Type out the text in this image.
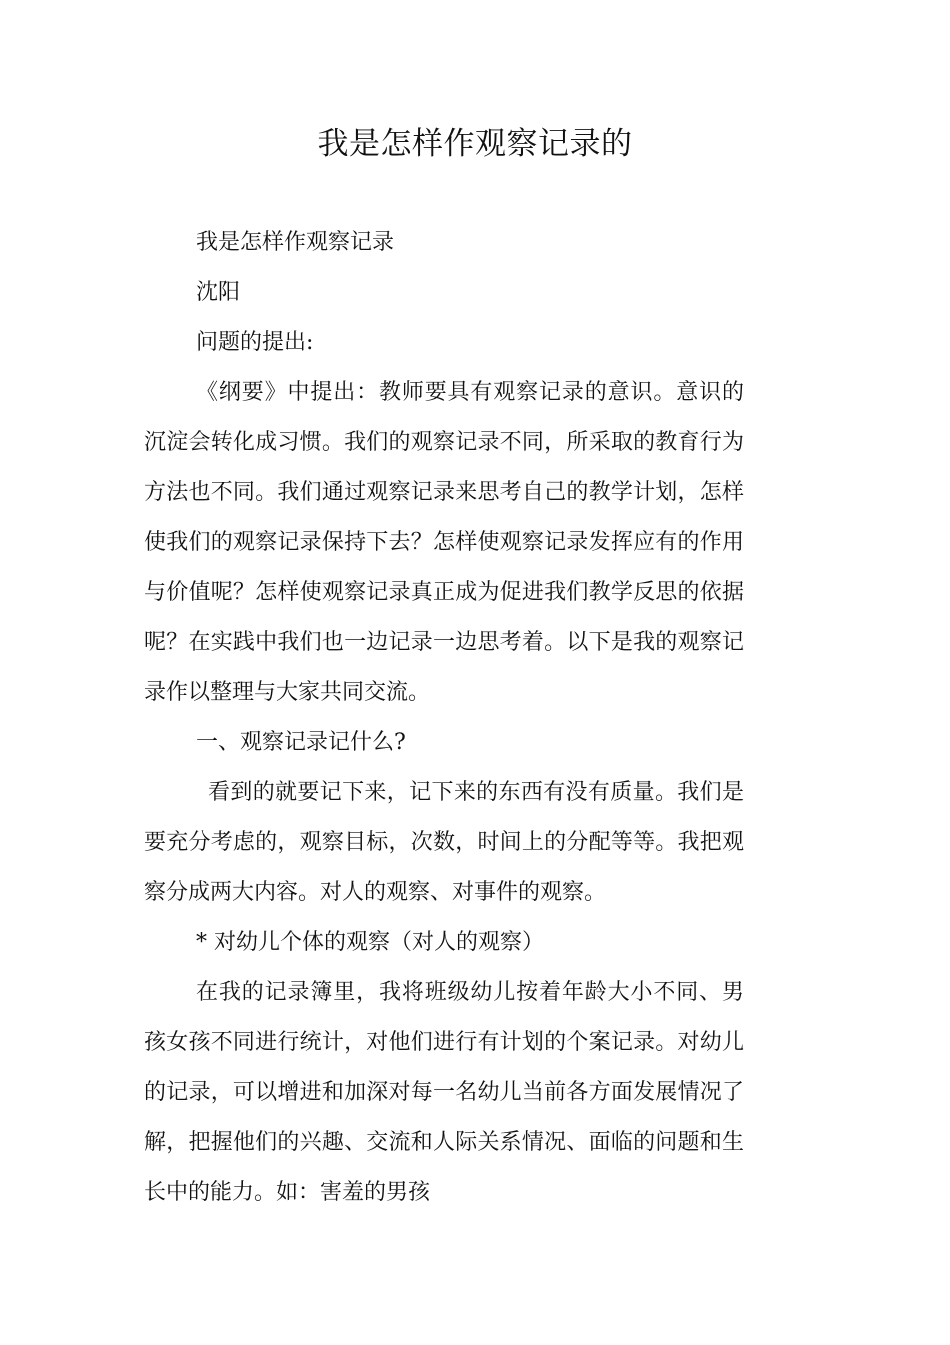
我是怎样作观察记录的

我是怎样作观察记录

沈阳

问题的提出:

《纲要》中提出：教师要具有观察记录的意识。意识的沉淀会转化成习惯。我们的观察记录不同，所采取的教育行为方法也不同。我们通过观察记录来思考自己的教学计划，怎样使我们的观察记录保持下去？怎样使观察记录发挥应有的作用与价值呢？怎样使观察记录真正成为促进我们教学反思的依据呢？在实践中我们也一边记录一边思考着。以下是我的观察记录作以整理与大家共同交流。

一、观察记录记什么?

看到的就要记下来，记下来的东西有没有质量。我们是要充分考虑的，观察目标，次数，时间上的分配等等。我把观察分成两大内容。对人的观察、对事件的观察。

* 对幼儿个体的观察（对人的观察）

在我的记录簿里，我将班级幼儿按着年龄大小不同、男孩女孩不同进行统计，对他们进行有计划的个案记录。对幼儿的记录，可以增进和加深对每一名幼儿当前各方面发展情况了解，把握他们的兴趣、交流和人际关系情况、面临的问题和生长中的能力。如：害羞的男孩
